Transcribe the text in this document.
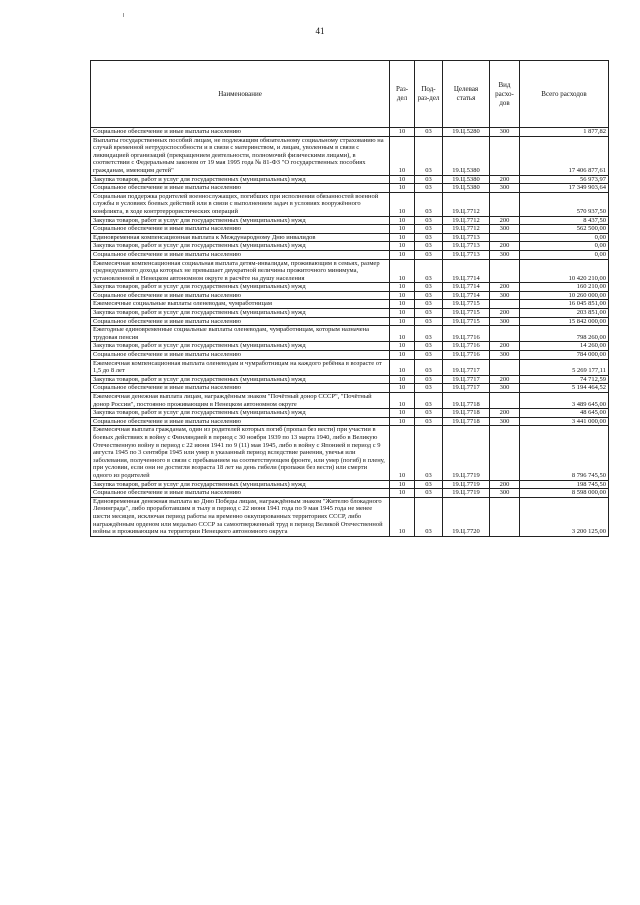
41
Наименование	Раз-дел	Под-раз-дел	Целевая статья	Вид расхо-дов	Всего расходов
Социальное обеспечение и иные выплаты населению	10	03	19.Ц.5280	300	1 877,82
Выплаты государственных пособий лицам, не подлежащим обязательному социальному страхованию на случай временной нетрудоспособности и в связи с материнством, и лицам, уволенным в связи с ликвидацией организаций (прекращением деятельности, полномочий физическими лицами), в соответствии с Федеральным законом от 19 мая 1995 года № 81-ФЗ "О государственных пособиях гражданам, имеющим детей"	10	03	19.Ц.5380		17 406 877,61
Закупка товаров, работ и услуг для государственных (муниципальных) нужд	10	03	19.Ц.5380	200	56 973,97
Социальное обеспечение и иные выплаты населению	10	03	19.Ц.5380	300	17 349 903,64
Социальная поддержка родителей военнослужащих, погибших при исполнении обязанностей военной службы в условиях боевых действий или в связи с выполнением задач в условиях вооружённого конфликта, в ходе контртеррористических операций	10	03	19.Ц.7712		570 937,50
Закупка товаров, работ и услуг для государственных (муниципальных) нужд	10	03	19.Ц.7712	200	8 437,50
Социальное обеспечение и иные выплаты населению	10	03	19.Ц.7712	300	562 500,00
Единовременная компенсационная выплата к Международному Дню инвалидов	10	03	19.Ц.7713		0,00
Закупка товаров, работ и услуг для государственных (муниципальных) нужд	10	03	19.Ц.7713	200	0,00
Социальное обеспечение и иные выплаты населению	10	03	19.Ц.7713	300	0,00
Ежемесячная компенсационная социальная выплата детям-инвалидам, проживающим в семьях, размер среднедушевого дохода которых не превышает двукратной величины прожиточного минимума, установленной в Ненецком автономном округе в расчёте на душу населения	10	03	19.Ц.7714		10 420 210,00
Закупка товаров, работ и услуг для государственных (муниципальных) нужд	10	03	19.Ц.7714	200	160 210,00
Социальное обеспечение и иные выплаты населению	10	03	19.Ц.7714	300	10 260 000,00
Ежемесячные социальные выплаты оленеводам, чумработницам	10	03	19.Ц.7715		16 045 851,00
Закупка товаров, работ и услуг для государственных (муниципальных) нужд	10	03	19.Ц.7715	200	203 851,00
Социальное обеспечение и иные выплаты населению	10	03	19.Ц.7715	300	15 842 000,00
Ежегодные единовременные социальные выплаты оленеводам, чумработницам, которым назначена трудовая пенсия	10	03	19.Ц.7716		798 260,00
Закупка товаров, работ и услуг для государственных (муниципальных) нужд	10	03	19.Ц.7716	200	14 260,00
Социальное обеспечение и иные выплаты населению	10	03	19.Ц.7716	300	784 000,00
Ежемесячная компенсационная выплата оленеводам и чумработницам на каждого ребёнка в возрасте от 1,5 до 8 лет	10	03	19.Ц.7717		5 269 177,11
Закупка товаров, работ и услуг для государственных (муниципальных) нужд	10	03	19.Ц.7717	200	74 712,59
Социальное обеспечение и иные выплаты населению	10	03	19.Ц.7717	300	5 194 464,52
Ежемесячная денежная выплата лицам, награждённым знаком "Почётный донор СССР", "Почётный донор России", постоянно проживающим в Ненецком автономном округе	10	03	19.Ц.7718		3 489 645,00
Закупка товаров, работ и услуг для государственных (муниципальных) нужд	10	03	19.Ц.7718	200	48 645,00
Социальное обеспечение и иные выплаты населению	10	03	19.Ц.7718	300	3 441 000,00
Ежемесячная выплата гражданам, один из родителей которых погиб (пропал без вести) при участии в боевых действиях в войну с Финляндией в период с 30 ноября 1939 по 13 марта 1940, либо в Великую Отечественную войну в период с 22 июня 1941 по 9 (11) мая 1945, либо в войну с Японией в период с 9 августа 1945 по 3 сентября 1945 или умер в указанный период вследствие ранения, увечья или заболевания, полученного в связи с пребыванием на соответствующем фронте, или умер (погиб) в плену, при условии, если они не достигли возраста 18 лет на день гибели (пропажи без вести) или смерти одного из родителей	10	03	19.Ц.7719		8 796 745,50
Закупка товаров, работ и услуг для государственных (муниципальных) нужд	10	03	19.Ц.7719	200	198 745,50
Социальное обеспечение и иные выплаты населению	10	03	19.Ц.7719	300	8 598 000,00
Единовременная денежная выплата ко Дню Победы лицам, награждённым знаком "Жителю блокадного Ленинграда", либо проработавшим в тылу в период с 22 июня 1941 года по 9 мая 1945 года не менее шести месяцев, исключая период работы на временно оккупированных территориях СССР, либо награждённым орденом или медалью СССР за самоотверженный труд в период Великой Отечественной войны и проживающим на территории Ненецкого автономного округа	10	03	19.Ц.7720		3 200 125,00
